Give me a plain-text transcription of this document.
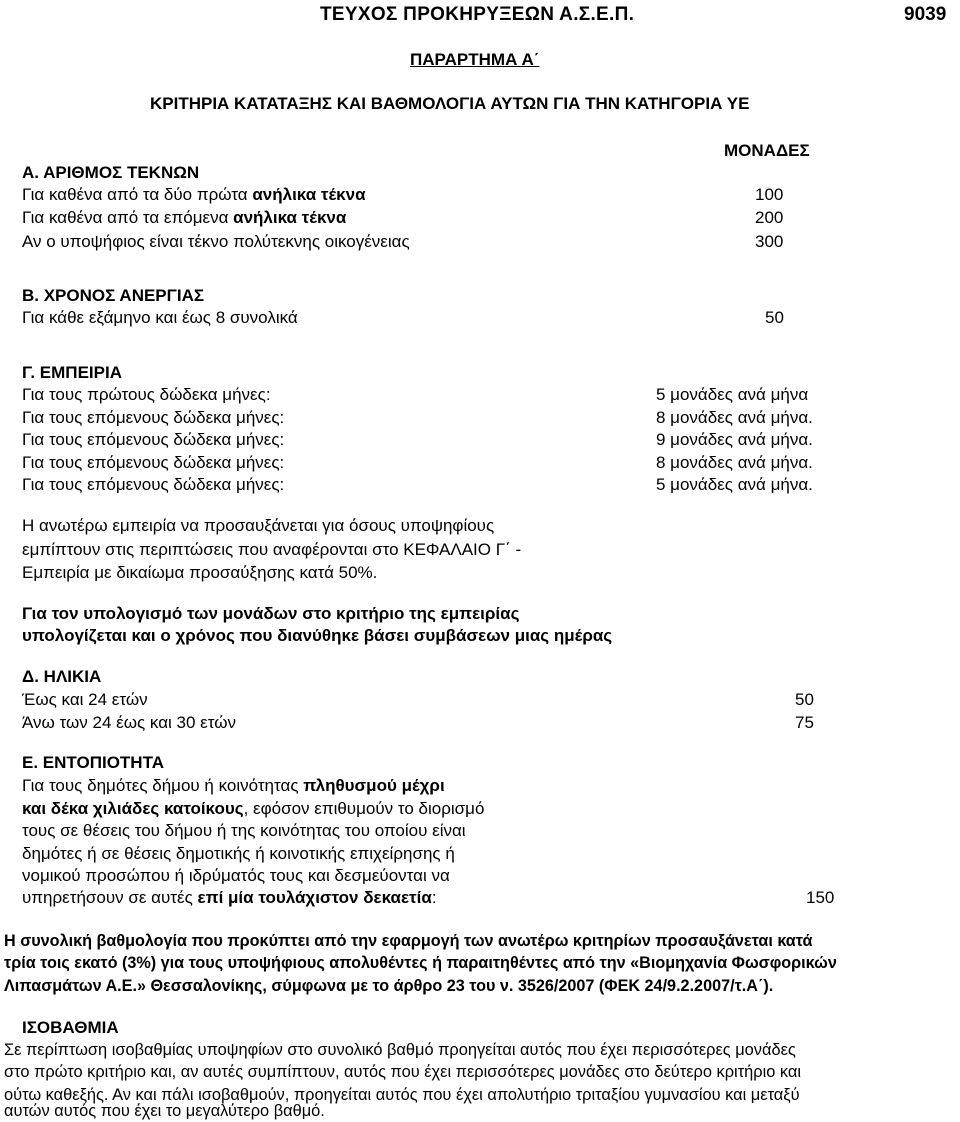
ΤΕΥΧΟΣ ΠΡΟΚΗΡΥΞΕΩΝ Α.Σ.Ε.Π.	9039
ΠΑΡΑΡΤΗΜΑ Α΄
ΚΡΙΤΗΡΙΑ ΚΑΤΑΤΑΞΗΣ ΚΑΙ ΒΑΘΜΟΛΟΓΙΑ ΑΥΤΩΝ ΓΙΑ ΤΗΝ ΚΑΤΗΓΟΡΙΑ ΥΕ
ΜΟΝΑΔΕΣ
Α. ΑΡΙΘΜΟΣ ΤΕΚΝΩΝ
Για καθένα από τα δύο πρώτα ανήλικα τέκνα	100
Για καθένα από τα επόμενα ανήλικα τέκνα	200
Αν ο υποψήφιος είναι τέκνο πολύτεκνης οικογένειας	300
Β. ΧΡΟΝΟΣ ΑΝΕΡΓΙΑΣ
Για κάθε εξάμηνο και έως 8 συνολικά	50
Γ. ΕΜΠΕΙΡΙΑ
Για τους πρώτους δώδεκα μήνες:	5 μονάδες ανά μήνα
Για τους επόμενους δώδεκα μήνες:	8 μονάδες ανά μήνα.
Για τους επόμενους δώδεκα μήνες:	9 μονάδες ανά μήνα.
Για τους επόμενους δώδεκα μήνες:	8 μονάδες ανά μήνα.
Για τους επόμενους δώδεκα μήνες:	5 μονάδες ανά μήνα.
Η ανωτέρω εμπειρία να προσαυξάνεται για όσους υποψηφίους
εμπίπτουν στις περιπτώσεις που αναφέρονται στο ΚΕΦΑΛΑΙΟ Γ΄ -
Εμπειρία με δικαίωμα προσαύξησης κατά 50%.
Για τον υπολογισμό των μονάδων στο κριτήριο της εμπειρίας
υπολογίζεται και ο χρόνος που διανύθηκε βάσει συμβάσεων μιας ημέρας
Δ. ΗΛΙΚΙΑ
Έως και 24 ετών	50
Άνω των 24 έως και 30 ετών	75
Ε. ΕΝΤΟΠΙΟΤΗΤΑ
Για τους δημότες δήμου ή κοινότητας πληθυσμού μέχρι
και δέκα χιλιάδες κατοίκους, εφόσον επιθυμούν το διορισμό
τους σε θέσεις του δήμου ή της κοινότητας του οποίου είναι
δημότες ή σε θέσεις δημοτικής ή κοινοτικής επιχείρησης ή
νομικού προσώπου ή ιδρύματός τους και δεσμεύονται να
υπηρετήσουν σε αυτές επί μία τουλάχιστον δεκαετία:	150
Η συνολική βαθμολογία που προκύπτει από την εφαρμογή των ανωτέρω κριτηρίων προσαυξάνεται κατά
τρία τοις εκατό (3%) για τους υποψήφιους απολυθέντες ή παραιτηθέντες από την «Βιομηχανία Φωσφορικών
Λιπασμάτων Α.Ε.» Θεσσαλονίκης, σύμφωνα με το άρθρο 23 του ν. 3526/2007 (ΦΕΚ 24/9.2.2007/τ.Α΄).
ΙΣΟΒΑΘΜΙΑ
Σε περίπτωση ισοβαθμίας υποψηφίων στο συνολικό βαθμό προηγείται αυτός που έχει περισσότερες μονάδες
στο πρώτο κριτήριο και, αν αυτές συμπίπτουν, αυτός που έχει περισσότερες μονάδες στο δεύτερο κριτήριο και
ούτω καθεξής. Αν και πάλι ισοβαθμούν, προηγείται αυτός που έχει απολυτήριο τριταξίου γυμνασίου και μεταξύ
αυτών αυτός που έχει το μεγαλύτερο βαθμό.
